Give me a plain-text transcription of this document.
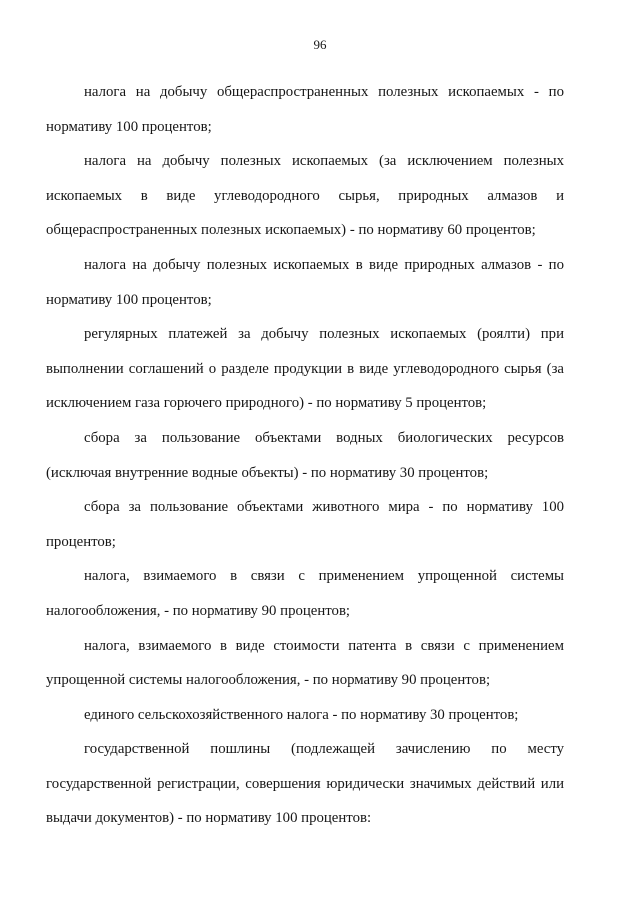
96

налога на добычу общераспространенных полезных ископаемых - по нормативу 100 процентов;

налога на добычу полезных ископаемых (за исключением полезных ископаемых в виде углеводородного сырья, природных алмазов и общераспространенных полезных ископаемых) - по нормативу 60 процентов;

налога на добычу полезных ископаемых в виде природных алмазов - по нормативу 100 процентов;

регулярных платежей за добычу полезных ископаемых (роялти) при выполнении соглашений о разделе продукции в виде углеводородного сырья (за исключением газа горючего природного) - по нормативу 5 процентов;

сбора за пользование объектами водных биологических ресурсов (исключая внутренние водные объекты) - по нормативу 30 процентов;

сбора за пользование объектами животного мира - по нормативу 100 процентов;

налога, взимаемого в связи с применением упрощенной системы налогообложения, - по нормативу 90 процентов;

налога, взимаемого в виде стоимости патента в связи с применением упрощенной системы налогообложения, - по нормативу 90 процентов;

единого сельскохозяйственного налога - по нормативу 30 процентов;

государственной пошлины (подлежащей зачислению по месту государственной регистрации, совершения юридически значимых действий или выдачи документов) - по нормативу 100 процентов:
